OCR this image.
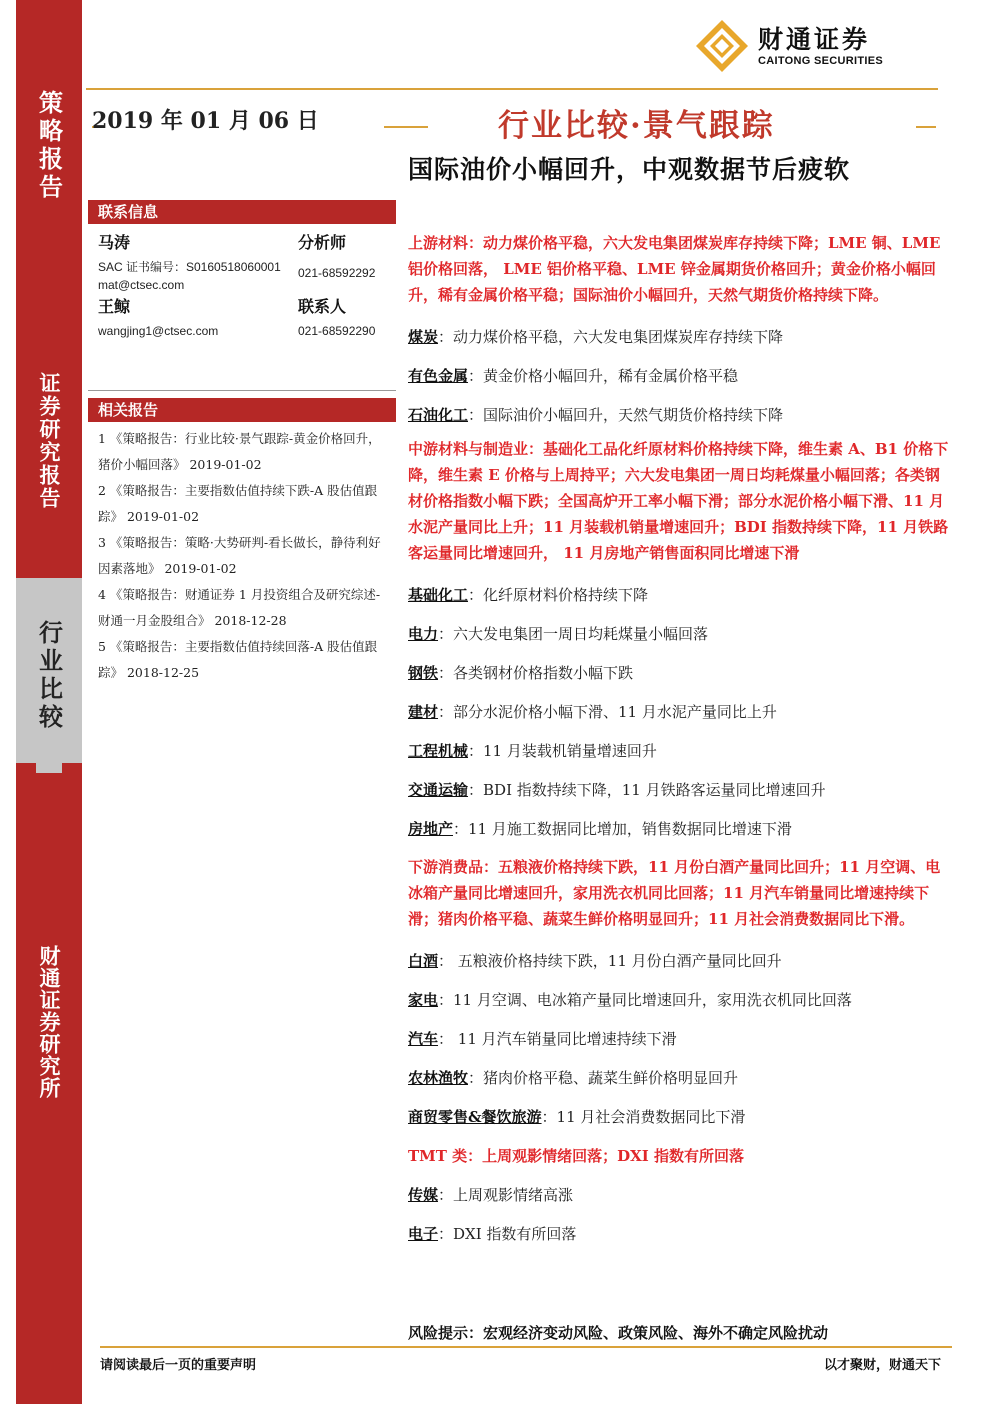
策略报告
证券研究报告
行业比较
财通证券研究所
财通证券
CAITONG SECURITIES
2019 年 01 月 06 日	行业比较·景气跟踪
国际油价小幅回升，中观数据节后疲软
联系信息
马涛	分析师
SAC 证书编号：S0160518060001 021-68592292
mat@ctsec.com
王鲸	联系人
wangjing1@ctsec.com	021-68592290
相关报告
1 《策略报告：行业比较·景气跟踪-黄金价格回升，猪价小幅回落》 2019-01-02
2 《策略报告：主要指数估值持续下跌-A 股估值跟踪》 2019-01-02
3 《策略报告：策略·大势研判-看长做长，静待利好因素落地》 2019-01-02
4 《策略报告：财通证券 1 月投资组合及研究综述-财通一月金股组合》 2018-12-28
5 《策略报告：主要指数估值持续回落-A 股估值跟踪》 2018-12-25

上游材料：动力煤价格平稳，六大发电集团煤炭库存持续下降；LME 铜、LME 铝价格回落， LME 铝价格平稳、LME 锌金属期货价格回升；黄金价格小幅回升，稀有金属价格平稳；国际油价小幅回升，天然气期货价格持续下降。

煤炭：动力煤价格平稳，六大发电集团煤炭库存持续下降

有色金属：黄金价格小幅回升，稀有金属价格平稳

石油化工：国际油价小幅回升，天然气期货价格持续下降

中游材料与制造业：基础化工品化纤原材料价格持续下降，维生素 A、B1 价格下降，维生素 E 价格与上周持平；六大发电集团一周日均耗煤量小幅回落；各类钢材价格指数小幅下跌；全国高炉开工率小幅下滑；部分水泥价格小幅下滑、11 月水泥产量同比上升；11 月装载机销量增速回升；BDI 指数持续下降，11 月铁路客运量同比增速回升， 11 月房地产销售面积同比增速下滑

基础化工：化纤原材料价格持续下降

电力：六大发电集团一周日均耗煤量小幅回落

钢铁：各类钢材价格指数小幅下跌

建材：部分水泥价格小幅下滑、11 月水泥产量同比上升

工程机械：11 月装载机销量增速回升

交通运输：BDI 指数持续下降，11 月铁路客运量同比增速回升

房地产：11 月施工数据同比增加，销售数据同比增速下滑

下游消费品：五粮液价格持续下跌，11 月份白酒产量同比回升；11 月空调、电冰箱产量同比增速回升，家用洗衣机同比回落；11 月汽车销量同比增速持续下滑；猪肉价格平稳、蔬菜生鲜价格明显回升；11 月社会消费数据同比下滑。

白酒： 五粮液价格持续下跌，11 月份白酒产量同比回升

家电：11 月空调、电冰箱产量同比增速回升，家用洗衣机同比回落

汽车： 11 月汽车销量同比增速持续下滑

农林渔牧：猪肉价格平稳、蔬菜生鲜价格明显回升

商贸零售&餐饮旅游：11 月社会消费数据同比下滑

TMT 类：上周观影情绪回落；DXI 指数有所回落

传媒：上周观影情绪高涨

电子：DXI 指数有所回落

风险提示：宏观经济变动风险、政策风险、海外不确定风险扰动
请阅读最后一页的重要声明	以才聚财，财通天下
